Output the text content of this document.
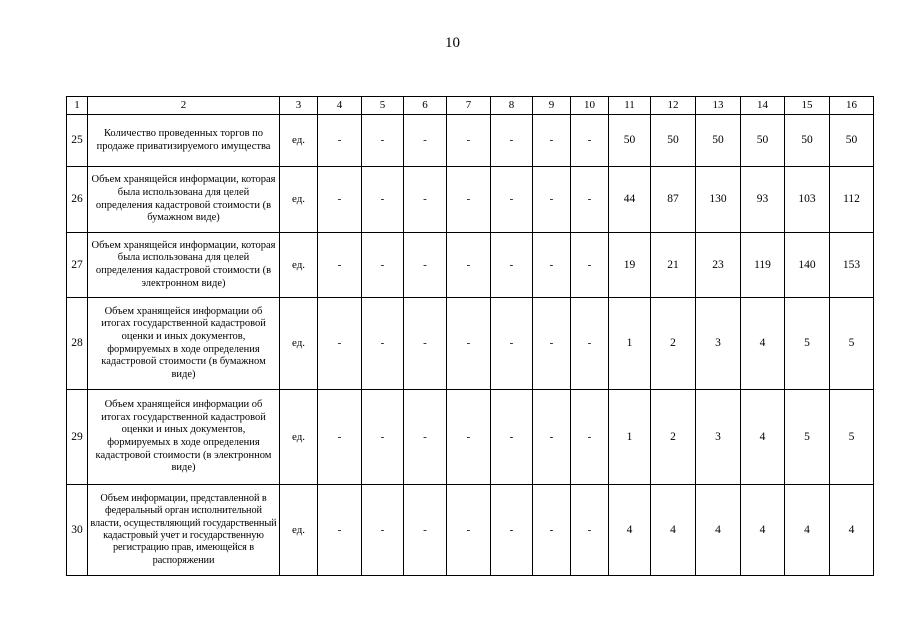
10
1	2	3	4	5	6	7	8	9	10	11	12	13	14	15	16
25	Количество проведенных торгов по продаже приватизируемого имущества	ед.	-	-	-	-	-	-	-	50	50	50	50	50	50
26	Объем хранящейся информации, которая была использована для целей определения кадастровой стоимости (в бумажном виде)	ед.	-	-	-	-	-	-	-	44	87	130	93	103	112
27	Объем хранящейся информации, которая была использована для целей определения кадастровой стоимости (в электронном виде)	ед.	-	-	-	-	-	-	-	19	21	23	119	140	153
28	Объем хранящейся информации об итогах государственной кадастровой оценки и иных документов, формируемых в ходе определения кадастровой стоимости (в бумажном виде)	ед.	-	-	-	-	-	-	-	1	2	3	4	5	5
29	Объем хранящейся информации об итогах государственной кадастровой оценки и иных документов, формируемых в ходе определения кадастровой стоимости (в электронном виде)	ед.	-	-	-	-	-	-	-	1	2	3	4	5	5
30	Объем информации, представленной в федеральный орган исполнительной власти, осуществляющий государственный кадастровый учет и государственную регистрацию прав, имеющейся в распоряжении	ед.	-	-	-	-	-	-	-	4	4	4	4	4	4
